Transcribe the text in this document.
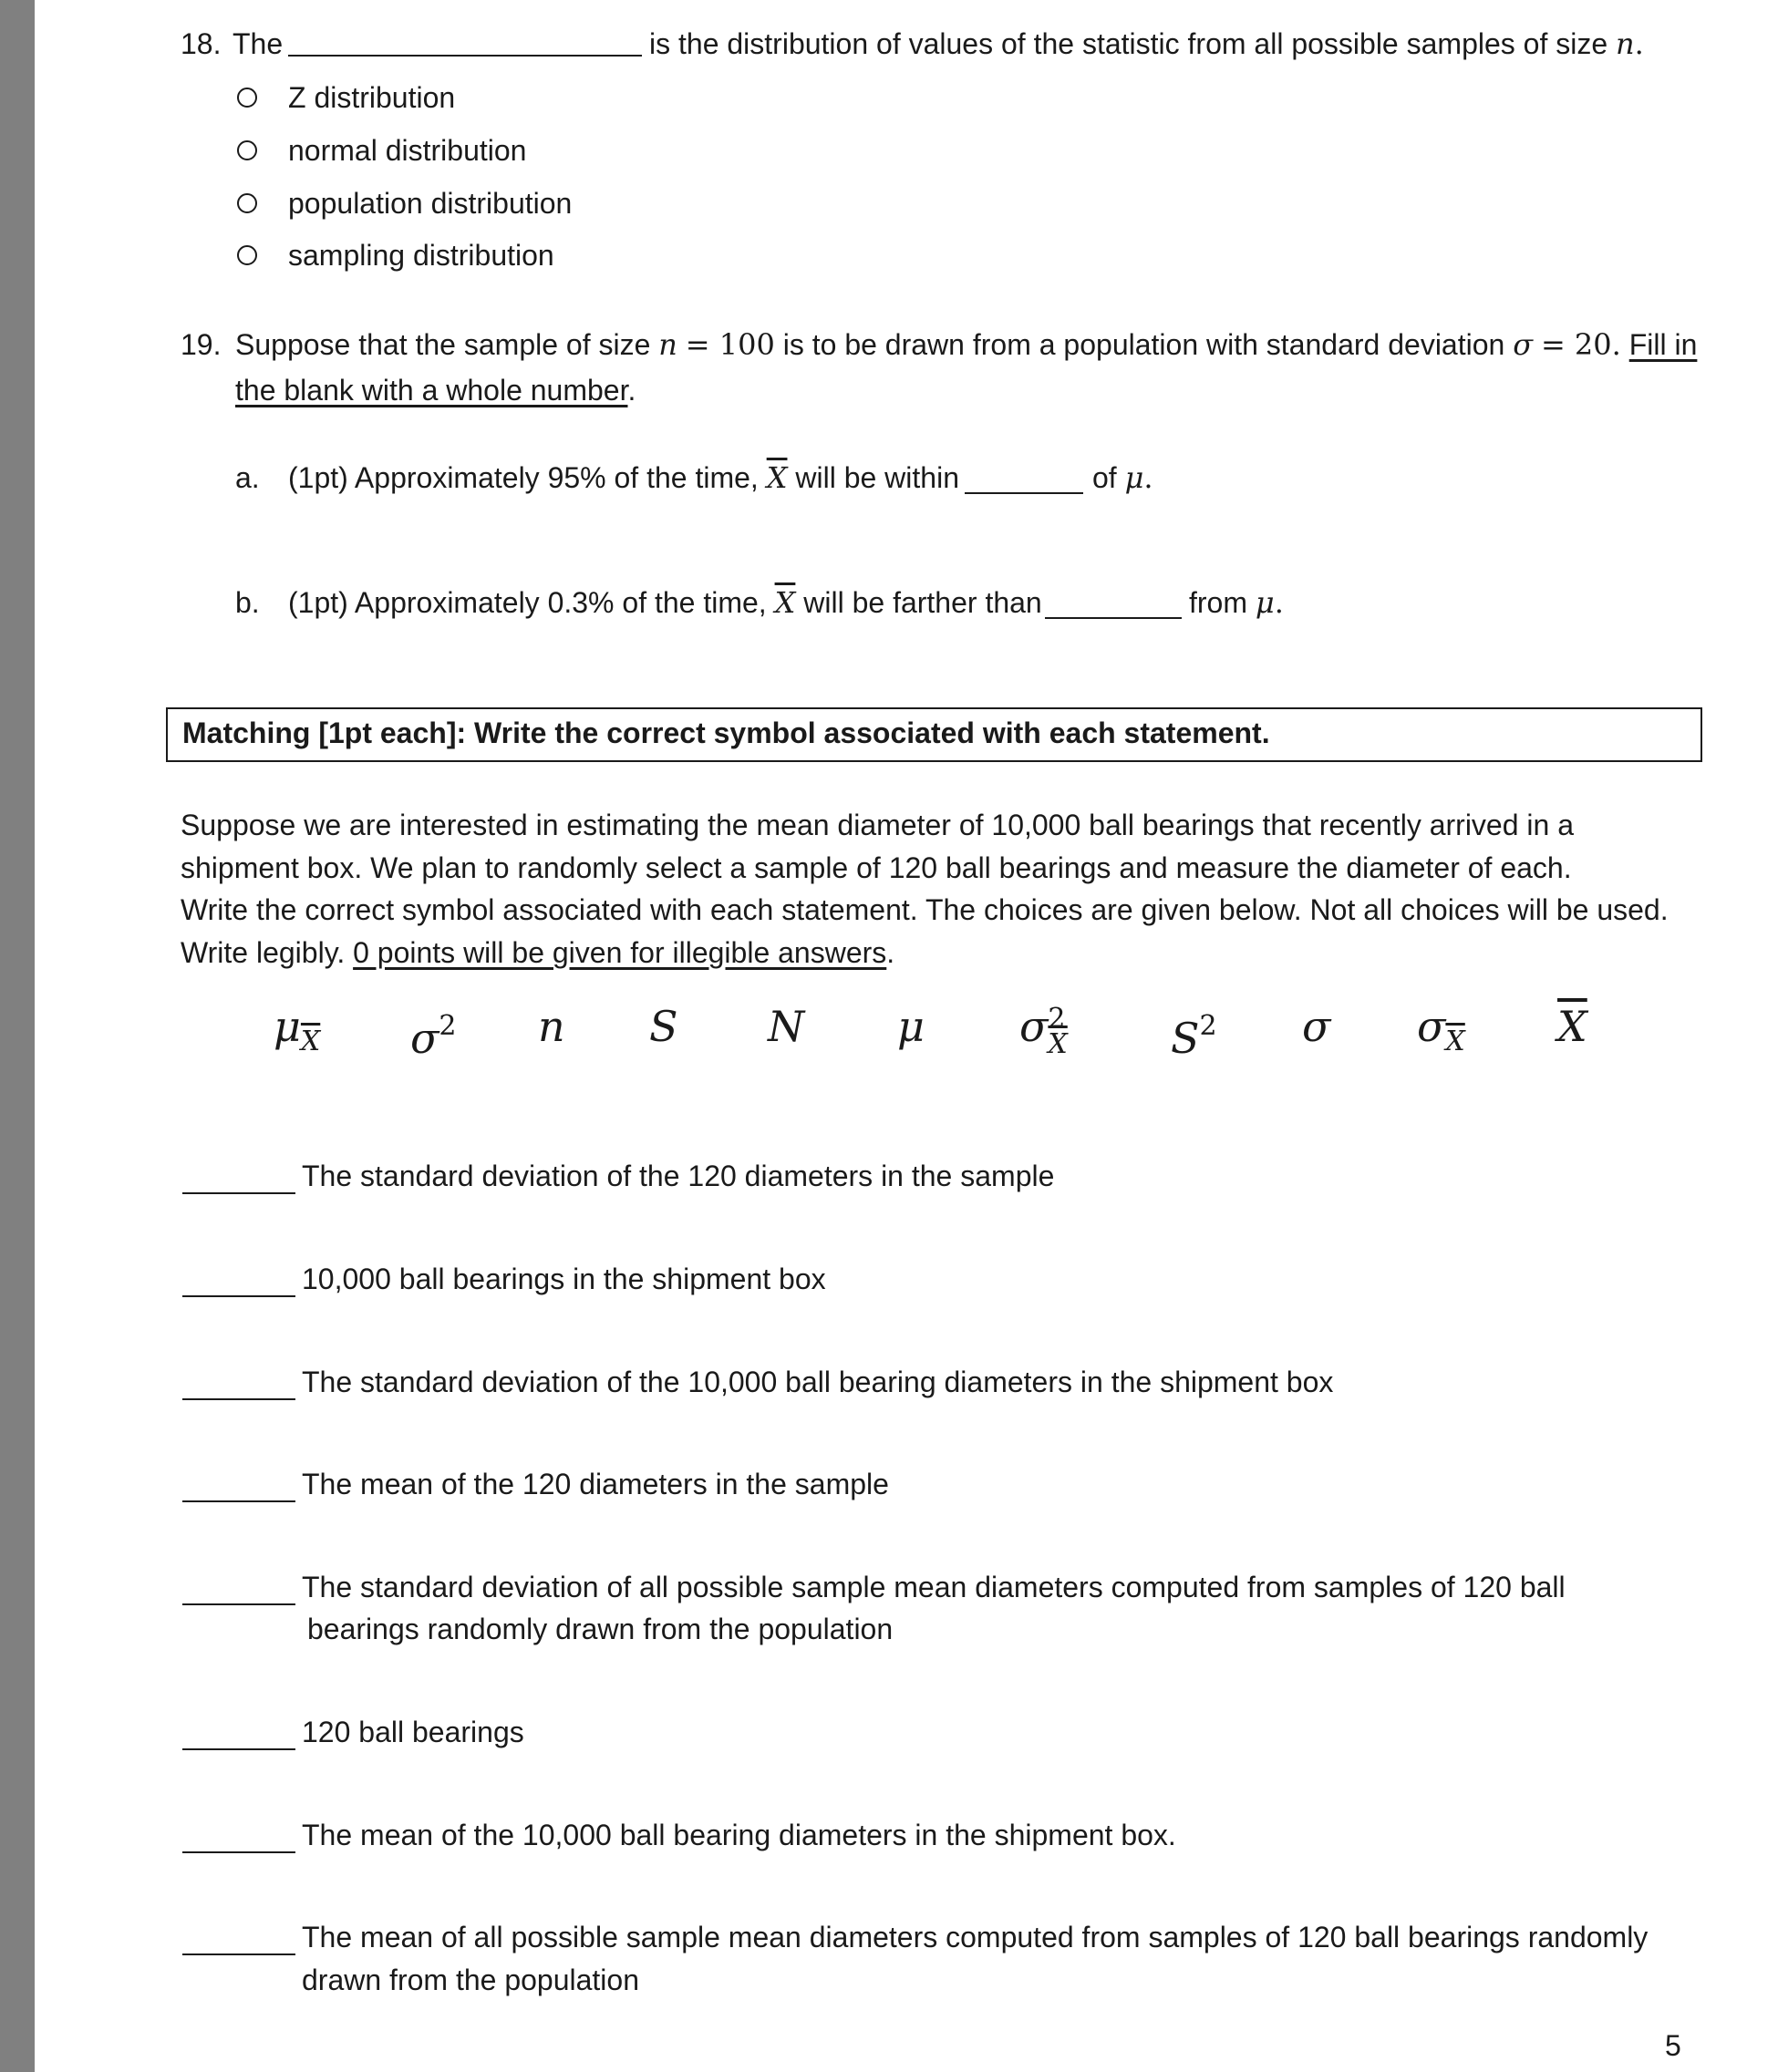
18. The	is the distribution of values of the statistic from all possible samples of size n.
Z distribution
normal distribution
population distribution
sampling distribution
19. Suppose that the sample of size n = 100 is to be drawn from a population with standard deviation σ = 20. Fill in
the blank with a whole number.
a. (1pt) Approximately 95% of the time, $\overline{X}$ will be within	of μ.
b. (1pt) Approximately 0.3% of the time, $\overline{X}$ will be farther than	from μ.
Matching [1pt each]: Write the correct symbol associated with each statement.
Suppose we are interested in estimating the mean diameter of 10,000 ball bearings that recently arrived in a
shipment box. We plan to randomly select a sample of 120 ball bearings and measure the diameter of each.
Write the correct symbol associated with each statement. The choices are given below. Not all choices will be used.
Write legibly. 0 points will be given for illegible answers.
$\mu_{\overline{X}}$ $\sigma^2$ n S N μ σ 2
$\overline{X}$ $S^2$ σ $\sigma_{\overline{X}}$ $\overline{X}$
The standard deviation of the 120 diameters in the sample
10,000 ball bearings in the shipment box
The standard deviation of the 10,000 ball bearing diameters in the shipment box
The mean of the 120 diameters in the sample
The standard deviation of all possible sample mean diameters computed from samples of 120 ball
bearings randomly drawn from the population
120 ball bearings
The mean of the 10,000 ball bearing diameters in the shipment box.
The mean of all possible sample mean diameters computed from samples of 120 ball bearings randomly
drawn from the population
5
